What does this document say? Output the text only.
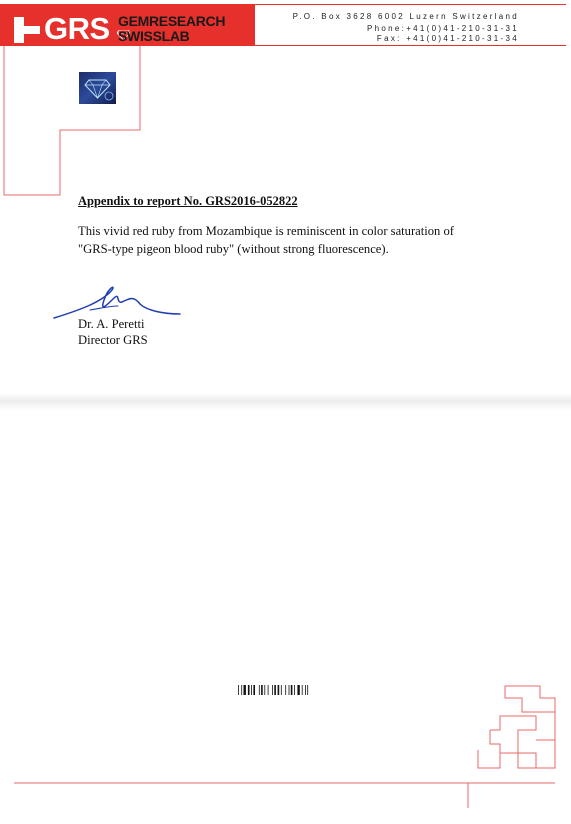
GRS GEMRESEARCH
SWISSLAB
P.O. Box 3628 6002 Luzern Switzerland
Phone:+41(0)41-210-31-31
Fax: +41(0)41-210-31-34
Appendix to report No. GRS2016-052822
This vivid red ruby from Mozambique is reminiscent in color saturation of
"GRS-type pigeon blood ruby" (without strong fluorescence).
Dr. A. Peretti
Director GRS
